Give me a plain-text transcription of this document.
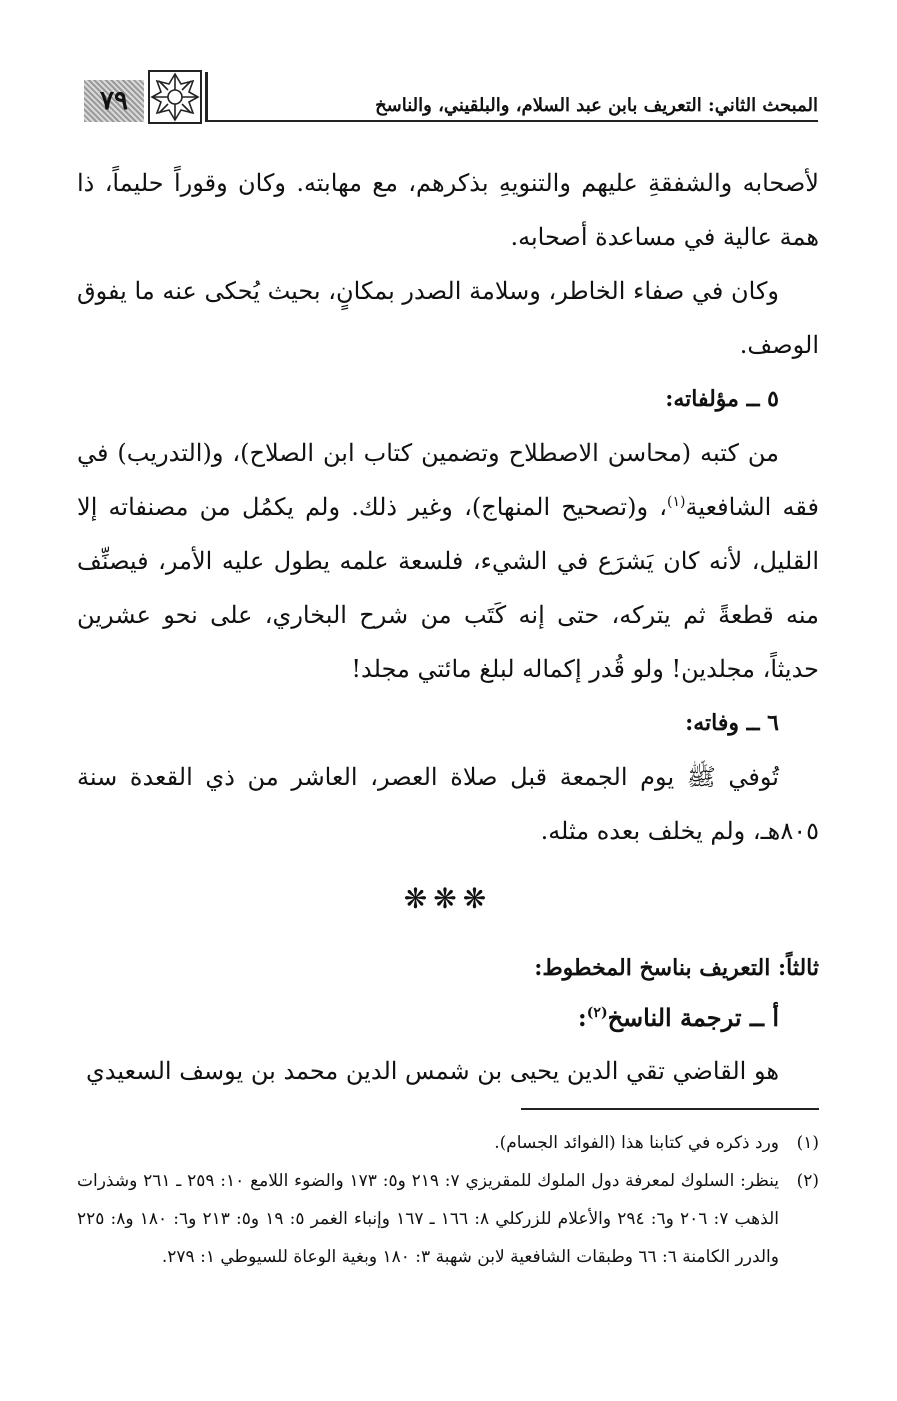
٧٩	المبحث الثاني: التعريف بابن عبد السلام، والبلقيني، والناسخ

لأصحابه والشفقةِ عليهم والتنويهِ بذكرهم، مع مهابته. وكان وقوراً حليماً، ذا همة عالية في مساعدة أصحابه.

وكان في صفاء الخاطر، وسلامة الصدر بمكانٍ، بحيث يُحكى عنه ما يفوق الوصف.

٥ ــ مؤلفاته:

من كتبه (محاسن الاصطلاح وتضمين كتاب ابن الصلاح)، و(التدريب) في فقه الشافعية$^{(١)}$، و(تصحيح المنهاج)، وغير ذلك. ولم يكمُل من مصنفاته إلا القليل، لأنه كان يَشرَع في الشيء، فلسعة علمه يطول عليه الأمر، فيصنِّف منه قطعةً ثم يتركه، حتى إنه كَتَب من شرح البخاري، على نحو عشرين حديثاً، مجلدين! ولو قُدر إكماله لبلغ مائتي مجلد!

٦ ــ وفاته:

تُوفي ﷺ يوم الجمعة قبل صلاة العصر، العاشر من ذي القعدة سنة ٨٠٥هـ، ولم يخلف بعده مثله.

❋❋❋

ثالثاً: التعريف بناسخ المخطوط:

أ ــ ترجمة الناسخ$^{(٢)}$:

هو القاضي تقي الدين يحيى بن شمس الدين محمد بن يوسف السعيدي

(١)
ورد ذكره في كتابنا هذا (الفوائد الجسام).
(٢)
ينظر: السلوك لمعرفة دول الملوك للمقريزي ٧: ٢١٩ و٥: ١٧٣ والضوء اللامع ١٠: ٢٥٩ ـ ٢٦١ وشذرات الذهب ٧: ٢٠٦ و٦: ٢٩٤ والأعلام للزركلي ٨: ١٦٦ ـ ١٦٧ وإنباء الغمر ٥: ١٩ و٥: ٢١٣ و٦: ١٨٠ و٨: ٢٢٥ والدرر الكامنة ٦: ٦٦ وطبقات الشافعية لابن شهبة ٣: ١٨٠ وبغية الوعاة للسيوطي ١: ٢٧٩.
